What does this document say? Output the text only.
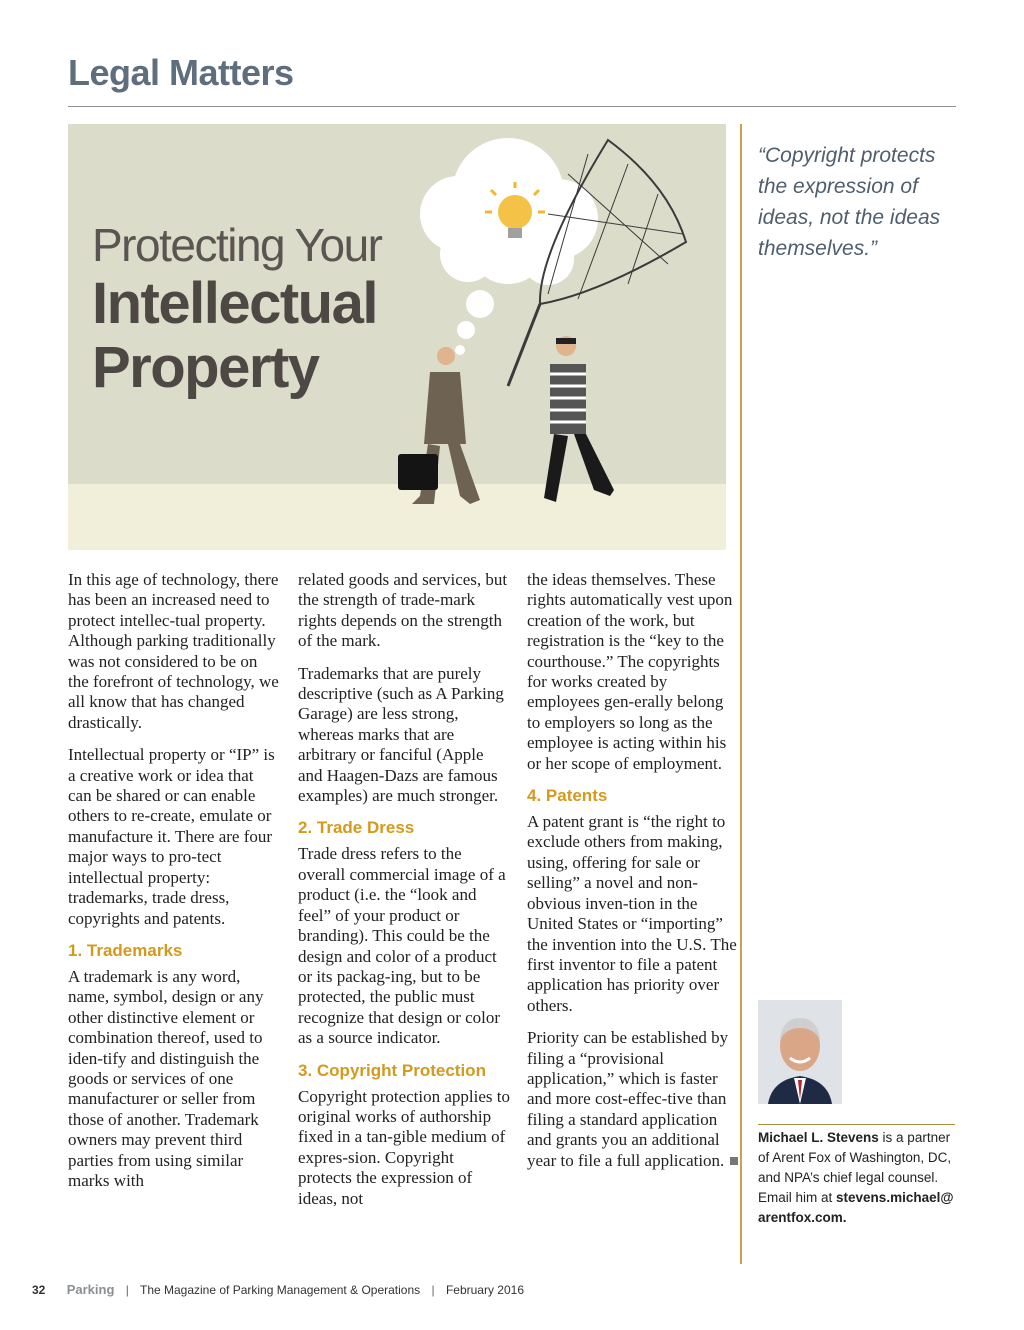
Legal Matters
Protecting Your
Intellectual
Property
“Copyright protects the expression of ideas, not the ideas themselves.”

In this age of technology, there has been an increased need to protect intellec-tual property. Although parking traditionally was not considered to be on the forefront of technology, we all know that has changed drastically.

Intellectual property or “IP” is a creative work or idea that can be shared or can enable others to re-create, emulate or manufacture it. There are four major ways to pro-tect intellectual property: trademarks, trade dress, copyrights and patents.

1. Trademarks

A trademark is any word, name, symbol, design or any other distinctive element or combination thereof, used to iden-tify and distinguish the goods or services of one manufacturer or seller from those of another. Trademark owners may prevent third parties from using similar marks with

related goods and services, but the strength of trade-mark rights depends on the strength of the mark.

Trademarks that are purely descriptive (such as A Parking Garage) are less strong, whereas marks that are arbitrary or fanciful (Apple and Haagen-Dazs are famous examples) are much stronger.

2. Trade Dress

Trade dress refers to the overall commercial image of a product (i.e. the “look and feel” of your product or branding). This could be the design and color of a product or its packag-ing, but to be protected, the public must recognize that design or color as a source indicator.

3. Copyright Protection

Copyright protection applies to original works of authorship fixed in a tan-gible medium of expres-sion. Copyright protects the expression of ideas, not

the ideas themselves. These rights automatically vest upon creation of the work, but registration is the “key to the courthouse.” The copyrights for works created by employees gen-erally belong to employers so long as the employee is acting within his or her scope of employment.

4. Patents

A patent grant is “the right to exclude others from making, using, offering for sale or selling” a novel and non-obvious inven-tion in the United States or “importing” the invention into the U.S. The first inventor to file a patent application has priority over others.

Priority can be established by filing a “provisional application,” which is faster and more cost-effec-tive than filing a standard application and grants you an additional year to file a full application.

Michael L. Stevens is a partner of Arent Fox of Washington, DC, and NPA’s chief legal counsel. Email him at stevens.michael@ arentfox.com.
32 Parking | The Magazine of Parking Management & Operations | February 2016
